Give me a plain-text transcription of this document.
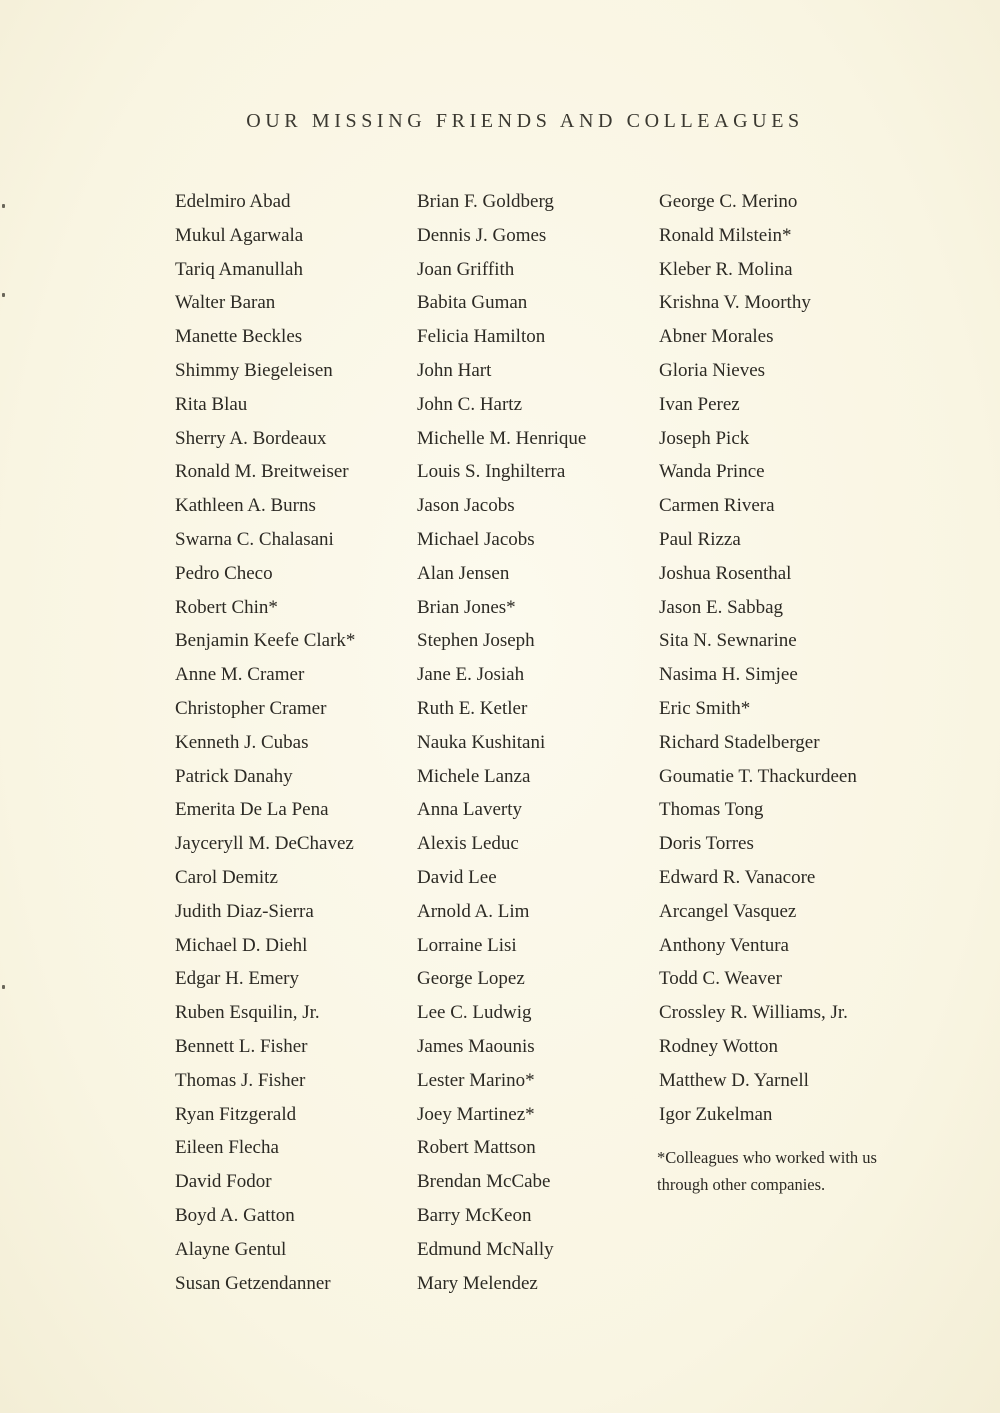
OUR MISSING FRIENDS AND COLLEAGUES
Edelmiro Abad
Mukul Agarwala
Tariq Amanullah
Walter Baran
Manette Beckles
Shimmy Biegeleisen
Rita Blau
Sherry A. Bordeaux
Ronald M. Breitweiser
Kathleen A. Burns
Swarna C. Chalasani
Pedro Checo
Robert Chin*
Benjamin Keefe Clark*
Anne M. Cramer
Christopher Cramer
Kenneth J. Cubas
Patrick Danahy
Emerita De La Pena
Jayceryll M. DeChavez
Carol Demitz
Judith Diaz-Sierra
Michael D. Diehl
Edgar H. Emery
Ruben Esquilin, Jr.
Bennett L. Fisher
Thomas J. Fisher
Ryan Fitzgerald
Eileen Flecha
David Fodor
Boyd A. Gatton
Alayne Gentul
Susan Getzendanner
Brian F. Goldberg
Dennis J. Gomes
Joan Griffith
Babita Guman
Felicia Hamilton
John Hart
John C. Hartz
Michelle M. Henrique
Louis S. Inghilterra
Jason Jacobs
Michael Jacobs
Alan Jensen
Brian Jones*
Stephen Joseph
Jane E. Josiah
Ruth E. Ketler
Nauka Kushitani
Michele Lanza
Anna Laverty
Alexis Leduc
David Lee
Arnold A. Lim
Lorraine Lisi
George Lopez
Lee C. Ludwig
James Maounis
Lester Marino*
Joey Martinez*
Robert Mattson
Brendan McCabe
Barry McKeon
Edmund McNally
Mary Melendez
George C. Merino
Ronald Milstein*
Kleber R. Molina
Krishna V. Moorthy
Abner Morales
Gloria Nieves
Ivan Perez
Joseph Pick
Wanda Prince
Carmen Rivera
Paul Rizza
Joshua Rosenthal
Jason E. Sabbag
Sita N. Sewnarine
Nasima H. Simjee
Eric Smith*
Richard Stadelberger
Goumatie T. Thackurdeen
Thomas Tong
Doris Torres
Edward R. Vanacore
Arcangel Vasquez
Anthony Ventura
Todd C. Weaver
Crossley R. Williams, Jr.
Rodney Wotton
Matthew D. Yarnell
Igor Zukelman
*Colleagues who worked with us through other companies.
